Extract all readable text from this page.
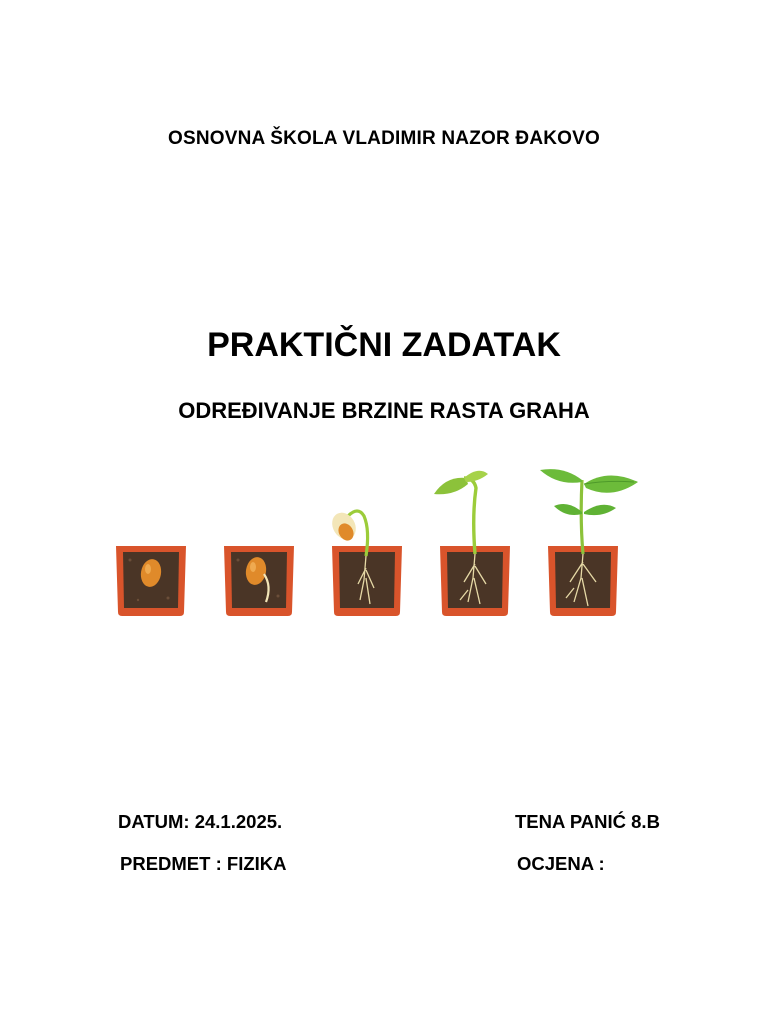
OSNOVNA ŠKOLA VLADIMIR NAZOR ĐAKOVO
PRAKTIČNI ZADATAK
ODREĐIVANJE BRZINE RASTA GRAHA
DATUM: 24.1.2025.
PREDMET : FIZIKA
TENA PANIĆ 8.B
OCJENA :
